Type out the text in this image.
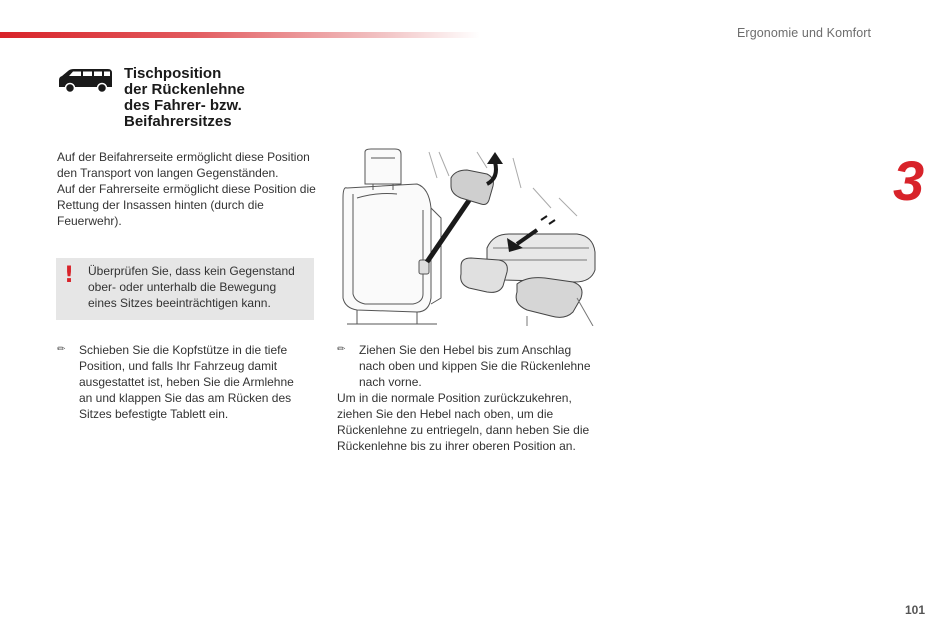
Ergonomie und Komfort
3
Tischposition
der Rückenlehne
des Fahrer- bzw.
Beifahrersitzes

Auf der Beifahrerseite ermöglicht diese Position den Transport von langen Gegenständen.

Auf der Fahrerseite ermöglicht diese Position die Rettung der Insassen hinten (durch die Feuerwehr).

! Überprüfen Sie, dass kein Gegenstand ober- oder unterhalb die Bewegung eines Sitzes beeinträchtigen kann.
✏	Schieben Sie die Kopfstütze in die tiefe Position, und falls Ihr Fahrzeug damit ausgestattet ist, heben Sie die Armlehne an und klappen Sie das am Rücken des Sitzes befestigte Tablett ein.
✏	Ziehen Sie den Hebel bis zum Anschlag nach oben und kippen Sie die Rückenlehne nach vorne.
Um in die normale Position zurückzukehren, ziehen Sie den Hebel nach oben, um die Rückenlehne zu entriegeln, dann heben Sie die Rückenlehne bis zu ihrer oberen Position an.
101
